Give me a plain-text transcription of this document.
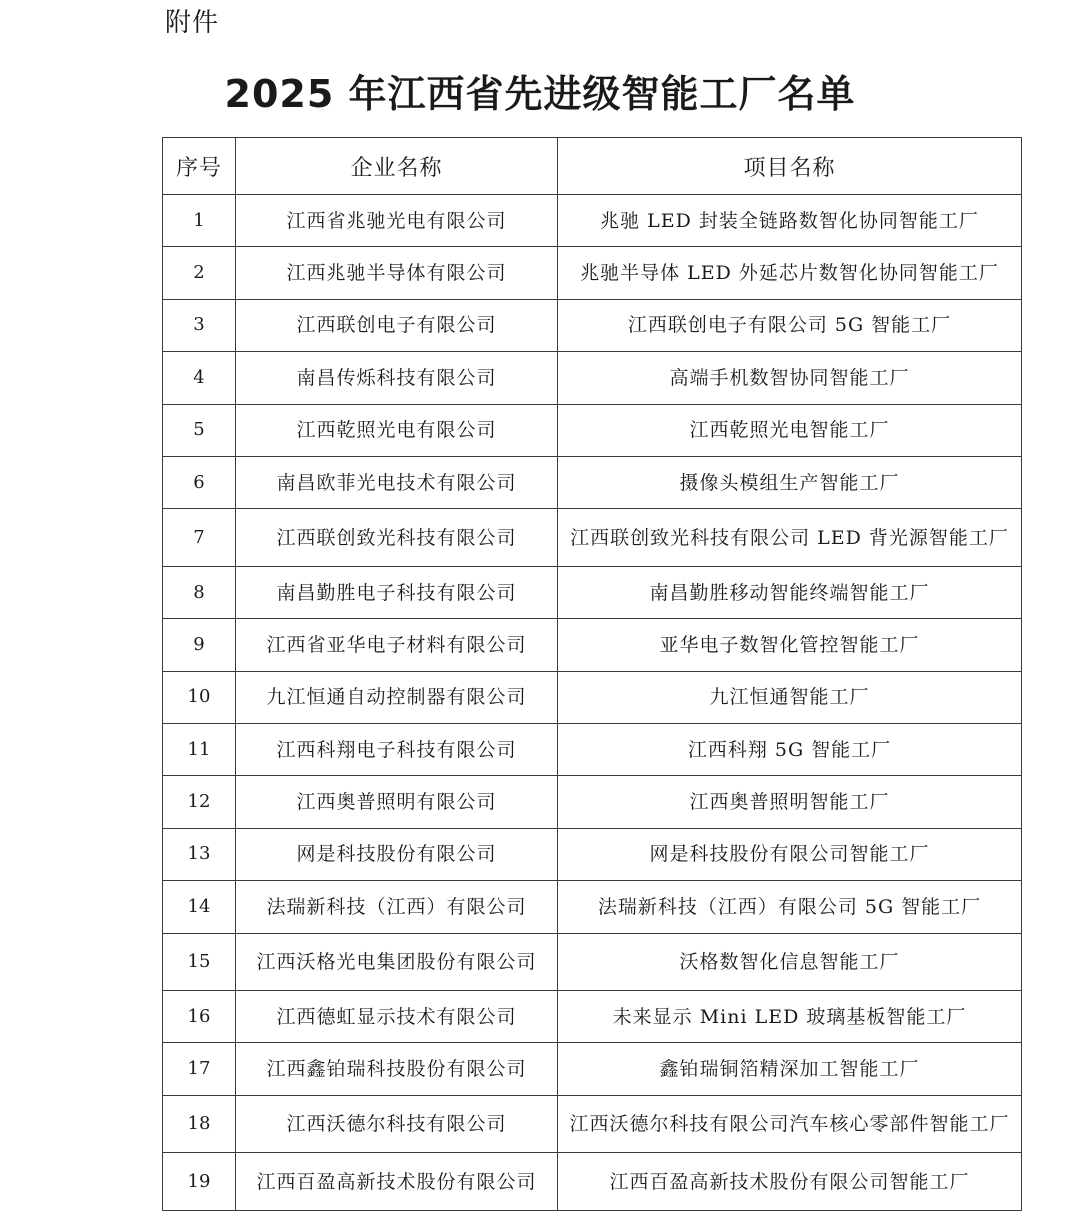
附件
2025 年江西省先进级智能工厂名单
序号	企业名称	项目名称
1	江西省兆驰光电有限公司	兆驰 LED 封装全链路数智化协同智能工厂
2	江西兆驰半导体有限公司	兆驰半导体 LED 外延芯片数智化协同智能工厂
3	江西联创电子有限公司	江西联创电子有限公司 5G 智能工厂
4	南昌传烁科技有限公司	高端手机数智协同智能工厂
5	江西乾照光电有限公司	江西乾照光电智能工厂
6	南昌欧菲光电技术有限公司	摄像头模组生产智能工厂
7	江西联创致光科技有限公司	江西联创致光科技有限公司 LED 背光源智能工厂
8	南昌勤胜电子科技有限公司	南昌勤胜移动智能终端智能工厂
9	江西省亚华电子材料有限公司	亚华电子数智化管控智能工厂
10	九江恒通自动控制器有限公司	九江恒通智能工厂
11	江西科翔电子科技有限公司	江西科翔 5G 智能工厂
12	江西奥普照明有限公司	江西奥普照明智能工厂
13	网是科技股份有限公司	网是科技股份有限公司智能工厂
14	法瑞新科技（江西）有限公司	法瑞新科技（江西）有限公司 5G 智能工厂
15	江西沃格光电集团股份有限公司	沃格数智化信息智能工厂
16	江西德虹显示技术有限公司	未来显示 Mini LED 玻璃基板智能工厂
17	江西鑫铂瑞科技股份有限公司	鑫铂瑞铜箔精深加工智能工厂
18	江西沃德尔科技有限公司	江西沃德尔科技有限公司汽车核心零部件智能工厂
19	江西百盈高新技术股份有限公司	江西百盈高新技术股份有限公司智能工厂
